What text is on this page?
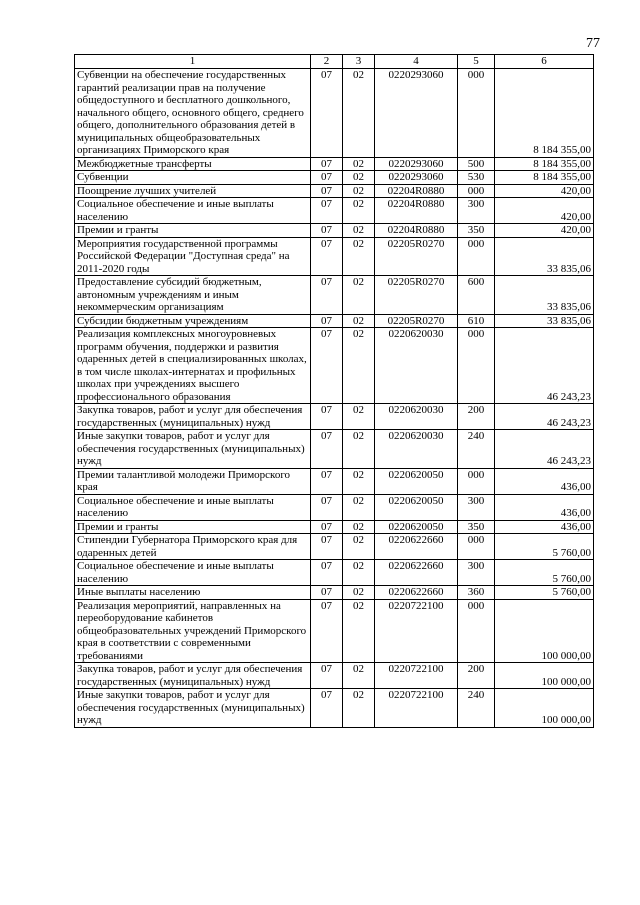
77
1	2	3	4	5	6
Субвенции на обеспечение государственных гарантий реализации прав на получение общедоступного и бесплатного дошкольного, начального общего, основного общего, среднего общего, дополнительного образования детей в муниципальных общеобразовательных организациях Приморского края	07	02	0220293060	000	8 184 355,00
Межбюджетные трансферты	07	02	0220293060	500	8 184 355,00
Субвенции	07	02	0220293060	530	8 184 355,00
Поощрение лучших учителей	07	02	02204R0880	000	420,00
Социальное обеспечение и иные выплаты населению	07	02	02204R0880	300	420,00
Премии и гранты	07	02	02204R0880	350	420,00
Мероприятия государственной программы Российской Федерации "Доступная среда" на 2011-2020 годы	07	02	02205R0270	000	33 835,06
Предоставление субсидий бюджетным, автономным учреждениям и иным некоммерческим организациям	07	02	02205R0270	600	33 835,06
Субсидии бюджетным учреждениям	07	02	02205R0270	610	33 835,06
Реализация комплексных многоуровневых программ обучения, поддержки и развития одаренных детей в специализированных школах, в том числе школах-интернатах и профильных школах при учреждениях высшего профессионального образования	07	02	0220620030	000	46 243,23
Закупка товаров, работ и услуг для обеспечения государственных (муниципальных) нужд	07	02	0220620030	200	46 243,23
Иные закупки товаров, работ и услуг для обеспечения государственных (муниципальных) нужд	07	02	0220620030	240	46 243,23
Премии талантливой молодежи Приморского края	07	02	0220620050	000	436,00
Социальное обеспечение и иные выплаты населению	07	02	0220620050	300	436,00
Премии и гранты	07	02	0220620050	350	436,00
Стипендии Губернатора Приморского края для одаренных детей	07	02	0220622660	000	5 760,00
Социальное обеспечение и иные выплаты населению	07	02	0220622660	300	5 760,00
Иные выплаты населению	07	02	0220622660	360	5 760,00
Реализация мероприятий, направленных на переоборудование кабинетов общеобразовательных учреждений Приморского края в соответствии с современными требованиями	07	02	0220722100	000	100 000,00
Закупка товаров, работ и услуг для обеспечения государственных (муниципальных) нужд	07	02	0220722100	200	100 000,00
Иные закупки товаров, работ и услуг для обеспечения государственных (муниципальных) нужд	07	02	0220722100	240	100 000,00
